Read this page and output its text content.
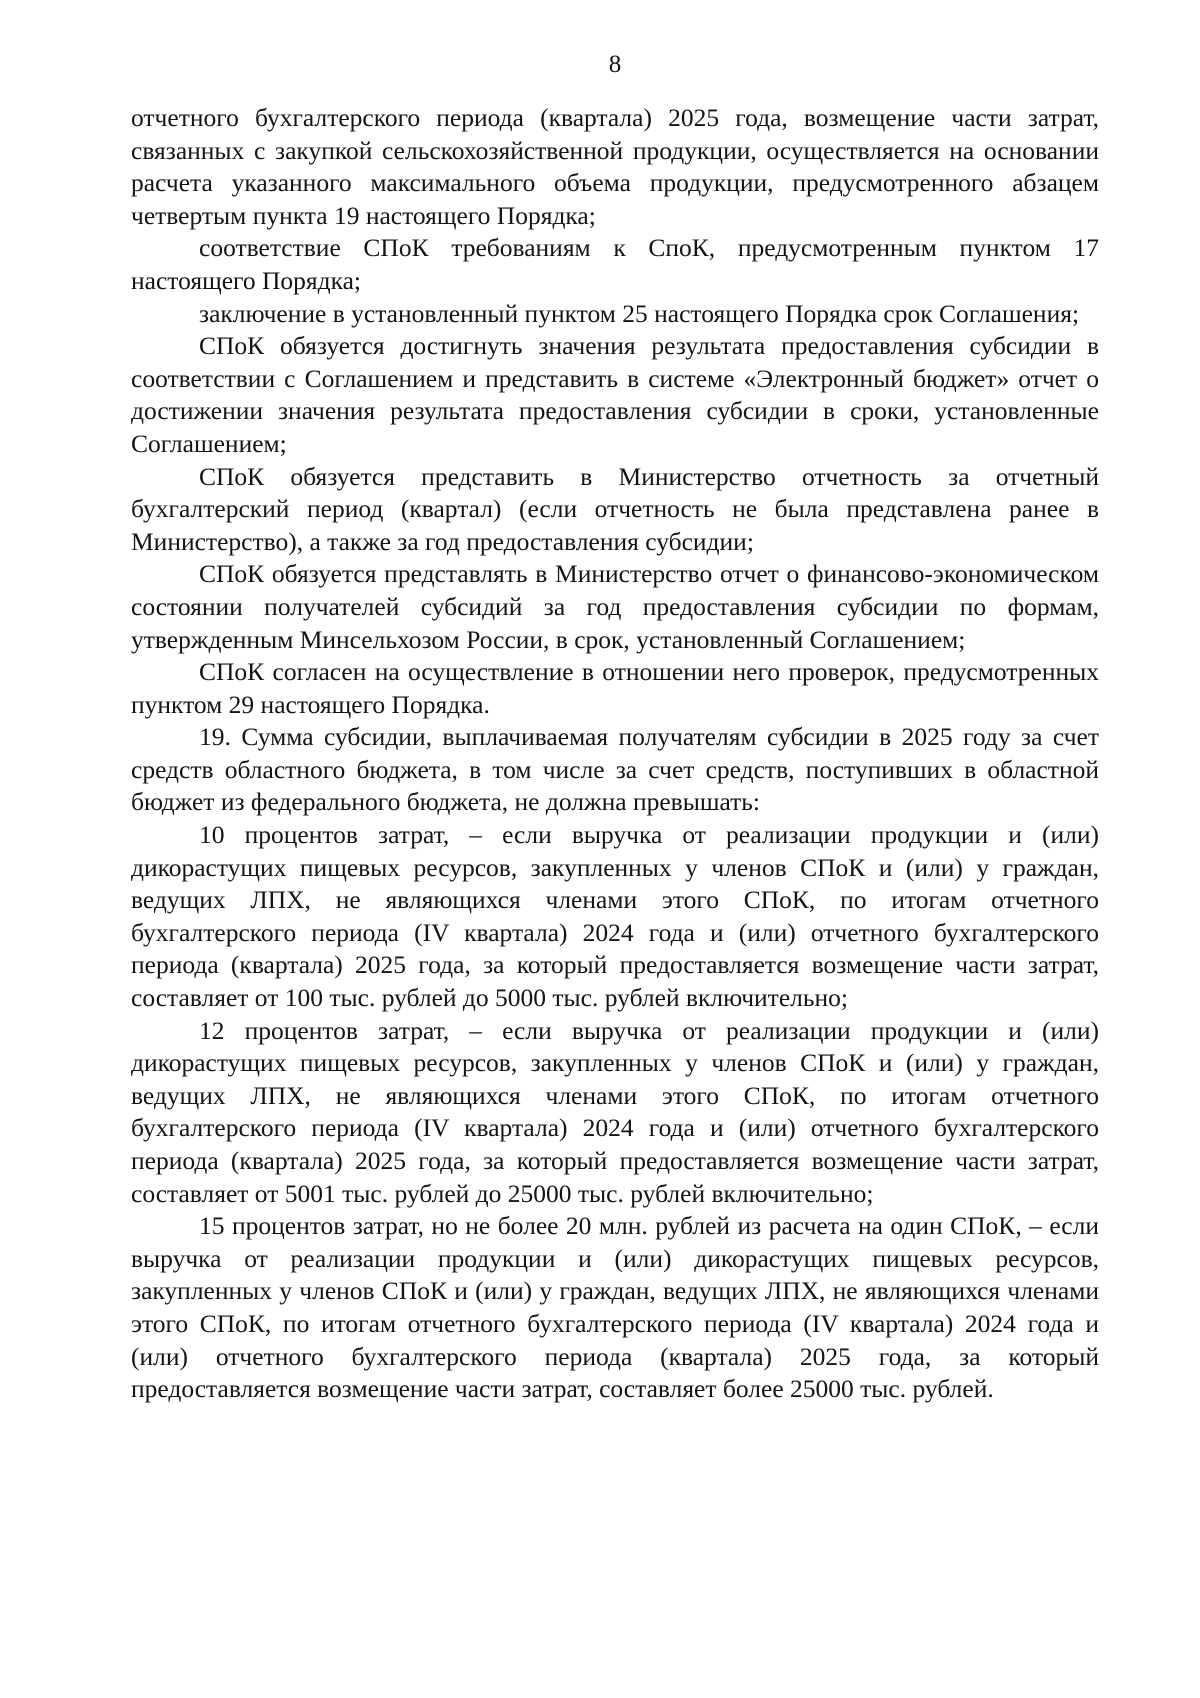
8

отчетного бухгалтерского периода (квартала) 2025 года, возмещение части затрат, связанных с закупкой сельскохозяйственной продукции, осуществляется на основании расчета указанного максимального объема продукции, предусмотренного абзацем четвертым пункта 19 настоящего Порядка;

соответствие СПоК требованиям к СпоК, предусмотренным пунктом 17 настоящего Порядка;

заключение в установленный пунктом 25 настоящего Порядка срок Соглашения;

СПоК обязуется достигнуть значения результата предоставления субсидии в соответствии с Соглашением и представить в системе «Электронный бюджет» отчет о достижении значения результата предоставления субсидии в сроки, установленные Соглашением;

СПоК обязуется представить в Министерство отчетность за отчетный бухгалтерский период (квартал) (если отчетность не была представлена ранее в Министерство), а также за год предоставления субсидии;

СПоК обязуется представлять в Министерство отчет о финансово-экономическом состоянии получателей субсидий за год предоставления субсидии по формам, утвержденным Минсельхозом России, в срок, установленный Соглашением;

СПоК согласен на осуществление в отношении него проверок, предусмотренных пунктом 29 настоящего Порядка.

19. Сумма субсидии, выплачиваемая получателям субсидии в 2025 году за счет средств областного бюджета, в том числе за счет средств, поступивших в областной бюджет из федерального бюджета, не должна превышать:

10 процентов затрат, – если выручка от реализации продукции и (или) дикорастущих пищевых ресурсов, закупленных у членов СПоК и (или) у граждан, ведущих ЛПХ, не являющихся членами этого СПоК, по итогам отчетного бухгалтерского периода (IV квартала) 2024 года и (или) отчетного бухгалтерского периода (квартала) 2025 года, за который предоставляется возмещение части затрат, составляет от 100 тыс. рублей до 5000 тыс. рублей включительно;

12 процентов затрат, – если выручка от реализации продукции и (или) дикорастущих пищевых ресурсов, закупленных у членов СПоК и (или) у граждан, ведущих ЛПХ, не являющихся членами этого СПоК, по итогам отчетного бухгалтерского периода (IV квартала) 2024 года и (или) отчетного бухгалтерского периода (квартала) 2025 года, за который предоставляется возмещение части затрат, составляет от 5001 тыс. рублей до 25000 тыс. рублей включительно;

15 процентов затрат, но не более 20 млн. рублей из расчета на один СПоК, – если выручка от реализации продукции и (или) дикорастущих пищевых ресурсов, закупленных у членов СПоК и (или) у граждан, ведущих ЛПХ, не являющихся членами этого СПоК, по итогам отчетного бухгалтерского периода (IV квартала) 2024 года и (или) отчетного бухгалтерского периода (квартала) 2025 года, за который предоставляется возмещение части затрат, составляет более 25000 тыс. рублей.
